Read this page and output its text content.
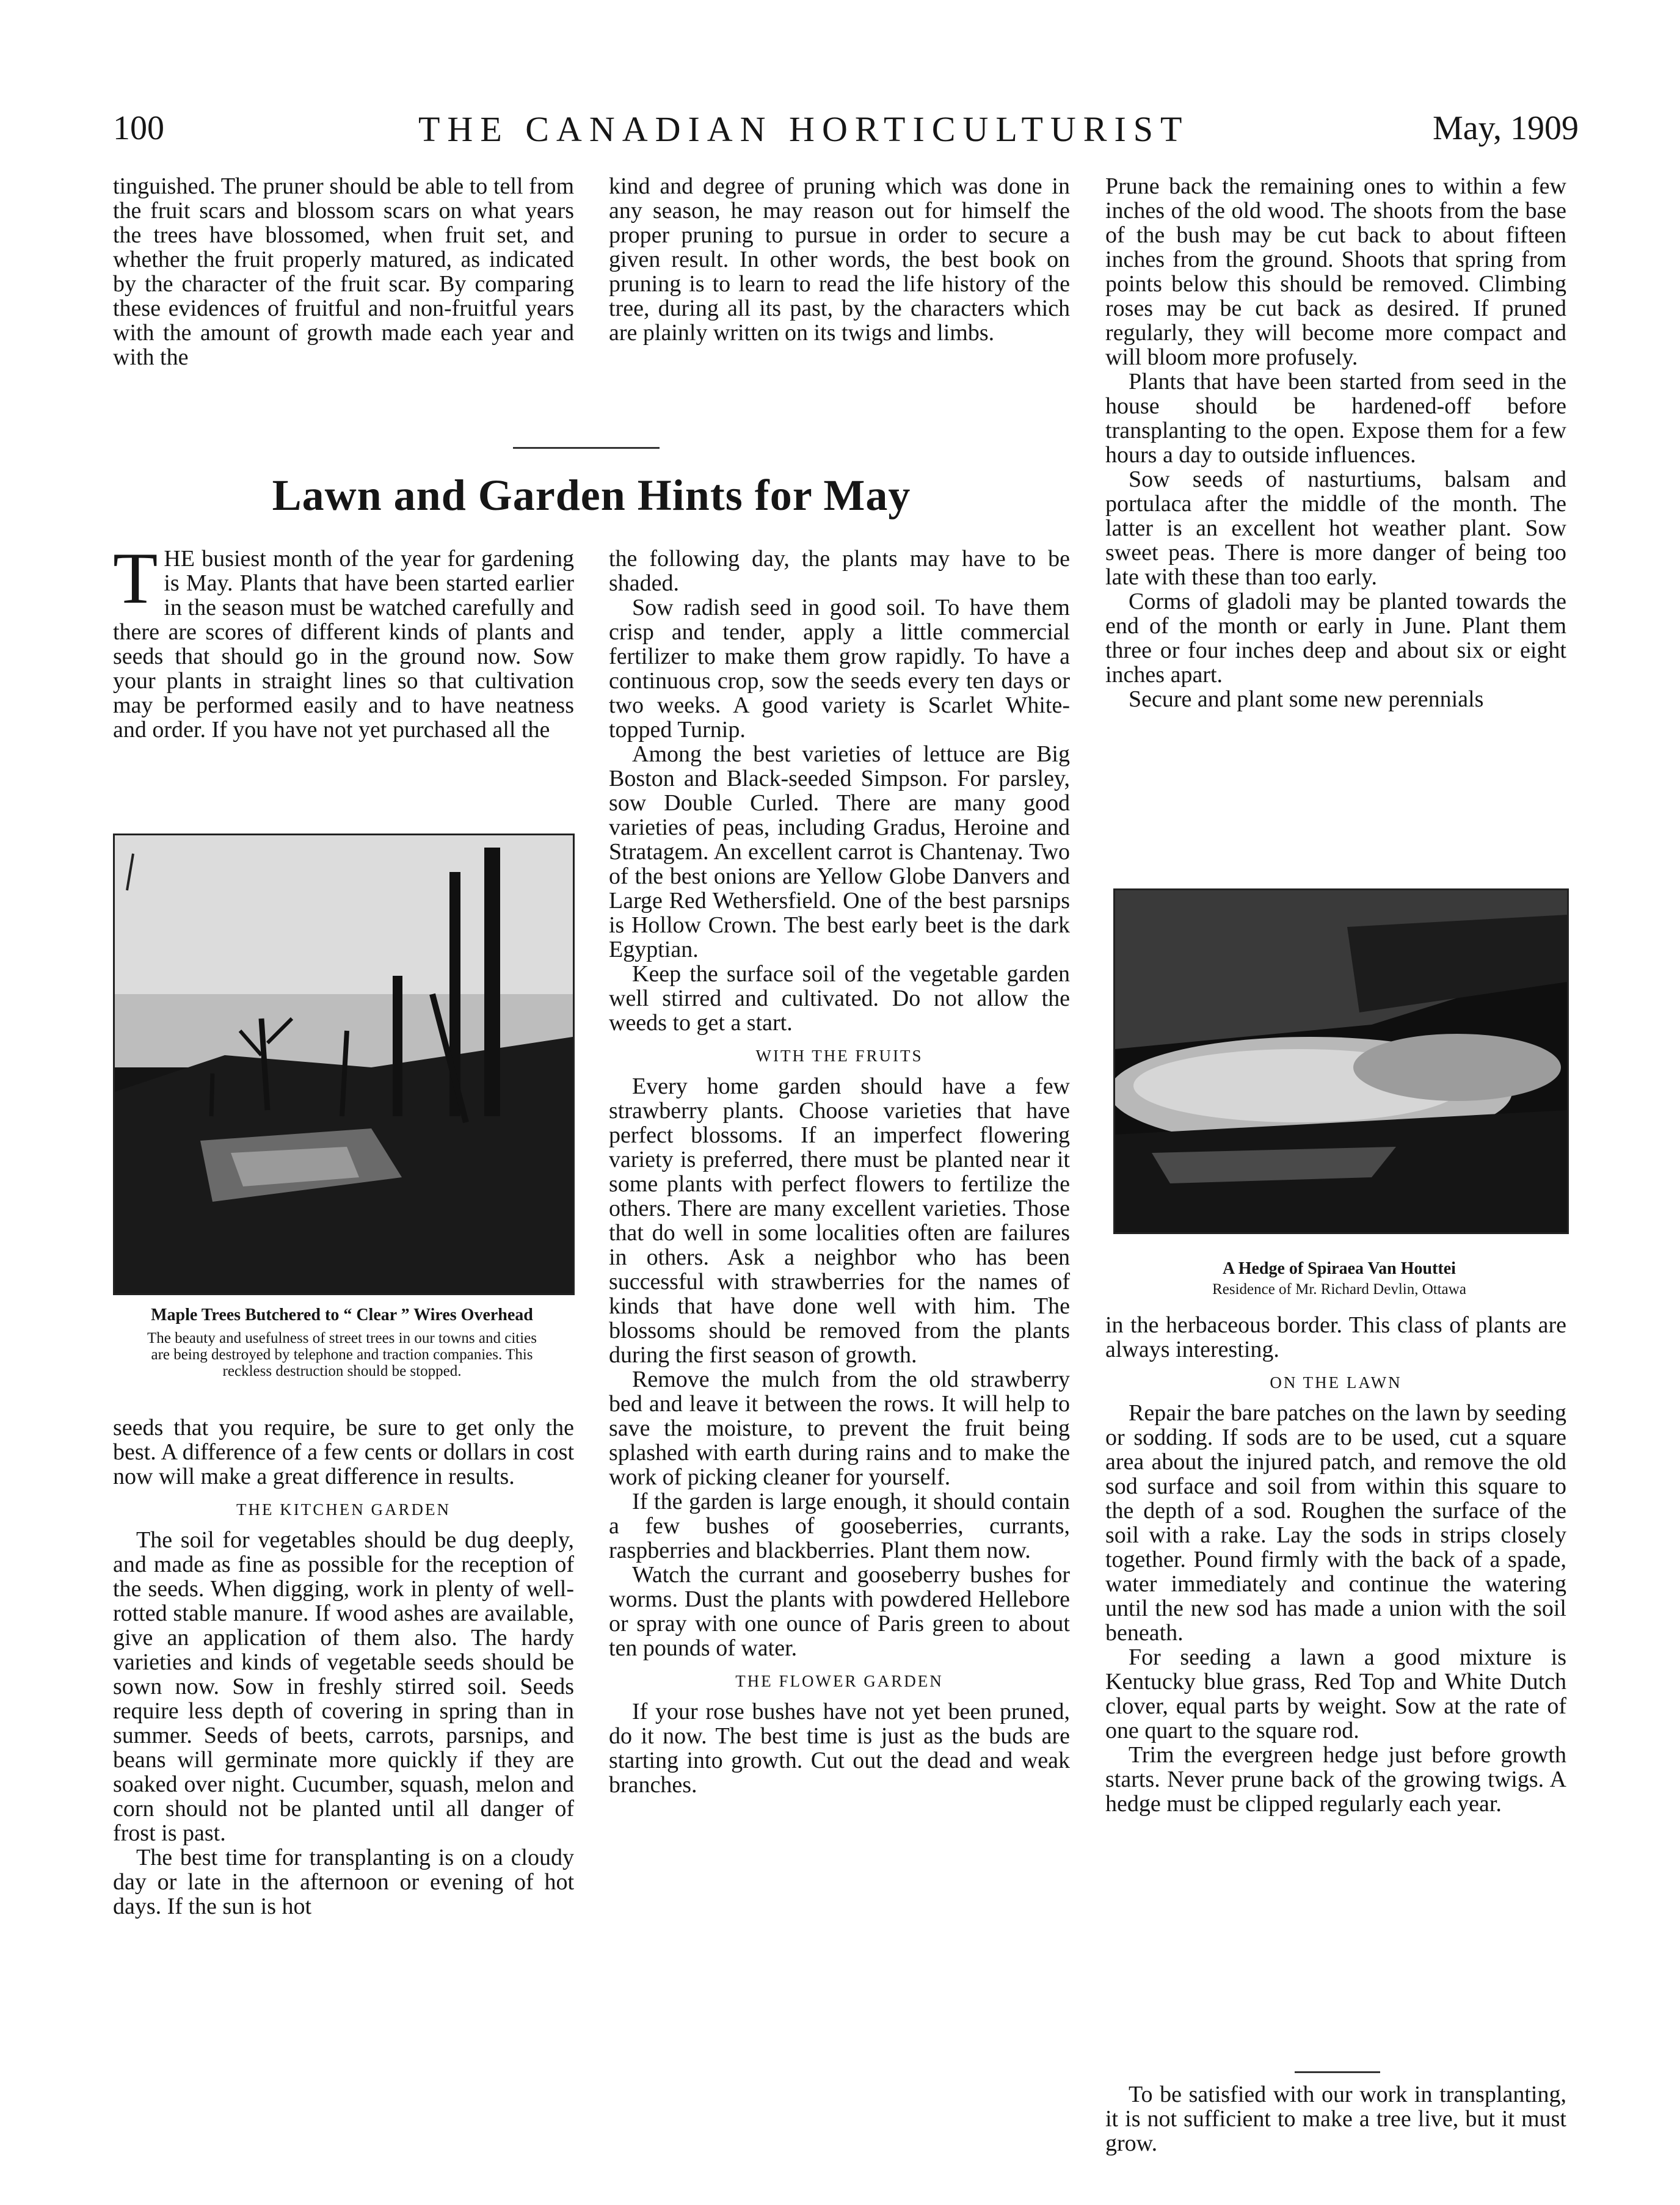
100	THE CANADIAN HORTICULTURIST	May, 1909

tinguished. The pruner should be able to tell from the fruit scars and blossom scars on what years the trees have blossomed, when fruit set, and whether the fruit properly matured, as indicated by the character of the fruit scar. By comparing these evidences of fruitful and non-fruitful years with the amount of growth made each year and with the

kind and degree of pruning which was done in any season, he may reason out for himself the proper pruning to pursue in order to secure a given result. In other words, the best book on pruning is to learn to read the life history of the tree, during all its past, by the characters which are plainly written on its twigs and limbs.

Lawn and Garden Hints for May

T HE busiest month of the year for gardening is May. Plants that have been started earlier in the season must be watched carefully and there are scores of different kinds of plants and seeds that should go in the ground now. Sow your plants in straight lines so that cultivation may be performed easily and to have neatness and order. If you have not yet purchased all the

Maple Trees Butchered to “ Clear ” Wires Overhead
The beauty and usefulness of street trees in our towns and cities are being destroyed by telephone and traction companies. This reckless destruction should be stopped.

seeds that you require, be sure to get only the best. A difference of a few cents or dollars in cost now will make a great difference in results.

THE KITCHEN GARDEN

The soil for vegetables should be dug deeply, and made as fine as possible for the reception of the seeds. When digging, work in plenty of well-rotted stable manure. If wood ashes are available, give an application of them also. The hardy varieties and kinds of vegetable seeds should be sown now. Sow in freshly stirred soil. Seeds require less depth of covering in spring than in summer. Seeds of beets, carrots, parsnips, and beans will germinate more quickly if they are soaked over night. Cucumber, squash, melon and corn should not be planted until all danger of frost is past.

The best time for transplanting is on a cloudy day or late in the afternoon or evening of hot days. If the sun is hot

the following day, the plants may have to be shaded.

Sow radish seed in good soil. To have them crisp and tender, apply a little commercial fertilizer to make them grow rapidly. To have a continuous crop, sow the seeds every ten days or two weeks. A good variety is Scarlet White-topped Turnip.

Among the best varieties of lettuce are Big Boston and Black-seeded Simpson. For parsley, sow Double Curled. There are many good varieties of peas, including Gradus, Heroine and Stratagem. An excellent carrot is Chantenay. Two of the best onions are Yellow Globe Danvers and Large Red Wethersfield. One of the best parsnips is Hollow Crown. The best early beet is the dark Egyptian.

Keep the surface soil of the vegetable garden well stirred and cultivated. Do not allow the weeds to get a start.

WITH THE FRUITS

Every home garden should have a few strawberry plants. Choose varieties that have perfect blossoms. If an imperfect flowering variety is preferred, there must be planted near it some plants with perfect flowers to fertilize the others. There are many excellent varieties. Those that do well in some localities often are failures in others. Ask a neighbor who has been successful with strawberries for the names of kinds that have done well with him. The blossoms should be removed from the plants during the first season of growth.

Remove the mulch from the old strawberry bed and leave it between the rows. It will help to save the moisture, to prevent the fruit being splashed with earth during rains and to make the work of picking cleaner for yourself.

If the garden is large enough, it should contain a few bushes of gooseberries, currants, raspberries and blackberries. Plant them now.

Watch the currant and gooseberry bushes for worms. Dust the plants with powdered Hellebore or spray with one ounce of Paris green to about ten pounds of water.

THE FLOWER GARDEN

If your rose bushes have not yet been pruned, do it now. The best time is just as the buds are starting into growth. Cut out the dead and weak branches.

Prune back the remaining ones to within a few inches of the old wood. The shoots from the base of the bush may be cut back to about fifteen inches from the ground. Shoots that spring from points below this should be removed. Climbing roses may be cut back as desired. If pruned regularly, they will become more compact and will bloom more profusely.

Plants that have been started from seed in the house should be hardened-off before transplanting to the open. Expose them for a few hours a day to outside influences.

Sow seeds of nasturtiums, balsam and portulaca after the middle of the month. The latter is an excellent hot weather plant. Sow sweet peas. There is more danger of being too late with these than too early.

Corms of gladoli may be planted towards the end of the month or early in June. Plant them three or four inches deep and about six or eight inches apart.

Secure and plant some new perennials

A Hedge of Spiraea Van Houttei
Residence of Mr. Richard Devlin, Ottawa

in the herbaceous border. This class of plants are always interesting.

ON THE LAWN

Repair the bare patches on the lawn by seeding or sodding. If sods are to be used, cut a square area about the injured patch, and remove the old sod surface and soil from within this square to the depth of a sod. Roughen the surface of the soil with a rake. Lay the sods in strips closely together. Pound firmly with the back of a spade, water immediately and continue the watering until the new sod has made a union with the soil beneath.

For seeding a lawn a good mixture is Kentucky blue grass, Red Top and White Dutch clover, equal parts by weight. Sow at the rate of one quart to the square rod.

Trim the evergreen hedge just before growth starts. Never prune back of the growing twigs. A hedge must be clipped regularly each year.

To be satisfied with our work in transplanting, it is not sufficient to make a tree live, but it must grow.
